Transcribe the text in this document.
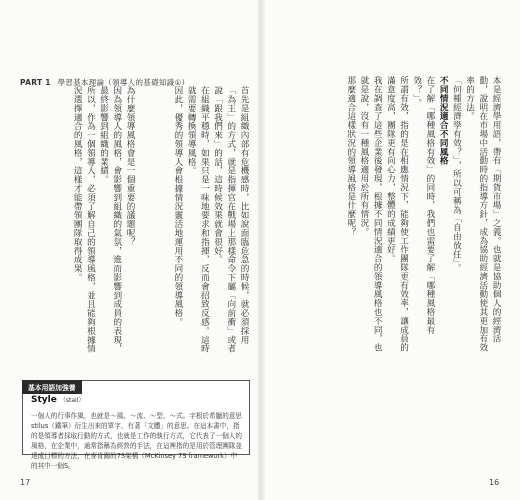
PART 1 學習基本理論（領導人的基礎知識①）	本是經濟學用語，帶有「期貨市場」之義。也就是協助個人的經濟活動，說明在市場中活動時的指導方針，成為協助經濟活動使其更加有效率的方法。

「何種經濟學有效？」，所以可稱為「自由放任」。

不同情況適合不同風格

在了解「哪種風格有效」的同時，我們也需要了解「哪種風格最有效？」。

所謂有效，指的是在相應情況下，能夠使工作團隊更有效率，讓成員的滿意度高，團隊更有向心力，整體的成績更好。

我在調查了這些企業後發現，根據不同情況適合的領導風格也不同，也就是說，沒有一種風格適用於所有情況。

那麼適合這樣狀況的領導風格是什麼呢？

首先是組織內部有危機感時，比如說面臨危急的時候，就必須採用「為王」的方式，就是指揮官在戰場上那樣命令下屬「向前衝」或者說「跟我們來」的話，這時候效果就會很好。

在組織平穩時，如果只是一味地要求和指揮，反而會招致反感。這時就需要轉換領導風格。

因此，優秀的領導人會根據情況靈活地運用不同的領導風格。

為什麼領導風格會是一個重要的議題呢？

因為領導人的風格，會影響到組織的氣氛，進而影響到成員的表現，最終影響到組織的業績。

所以，作為一個領導人，必須了解自己的領導風格，並且能夠根據情況選擇適合的風格，這樣才能帶領團隊取得成果。

基本用語加強養
Style （stail）
一個人的行事作風，也就是～風、～流、～型、～式。字根於希臘的意思stilus（鐵筆）衍生出來的單字，有著「文體」的意思。在這本書中，指的是領導者採取行動的方式，也就是工作的執行方式，它代表了一個人的風格，在企業中，通常指稱為經營的手法，在這裡指的是用於管理團隊並達成目標的方法，在麥肯錫的7S架構（McKinsey 7S framework）中的其中一個S。
17	16
